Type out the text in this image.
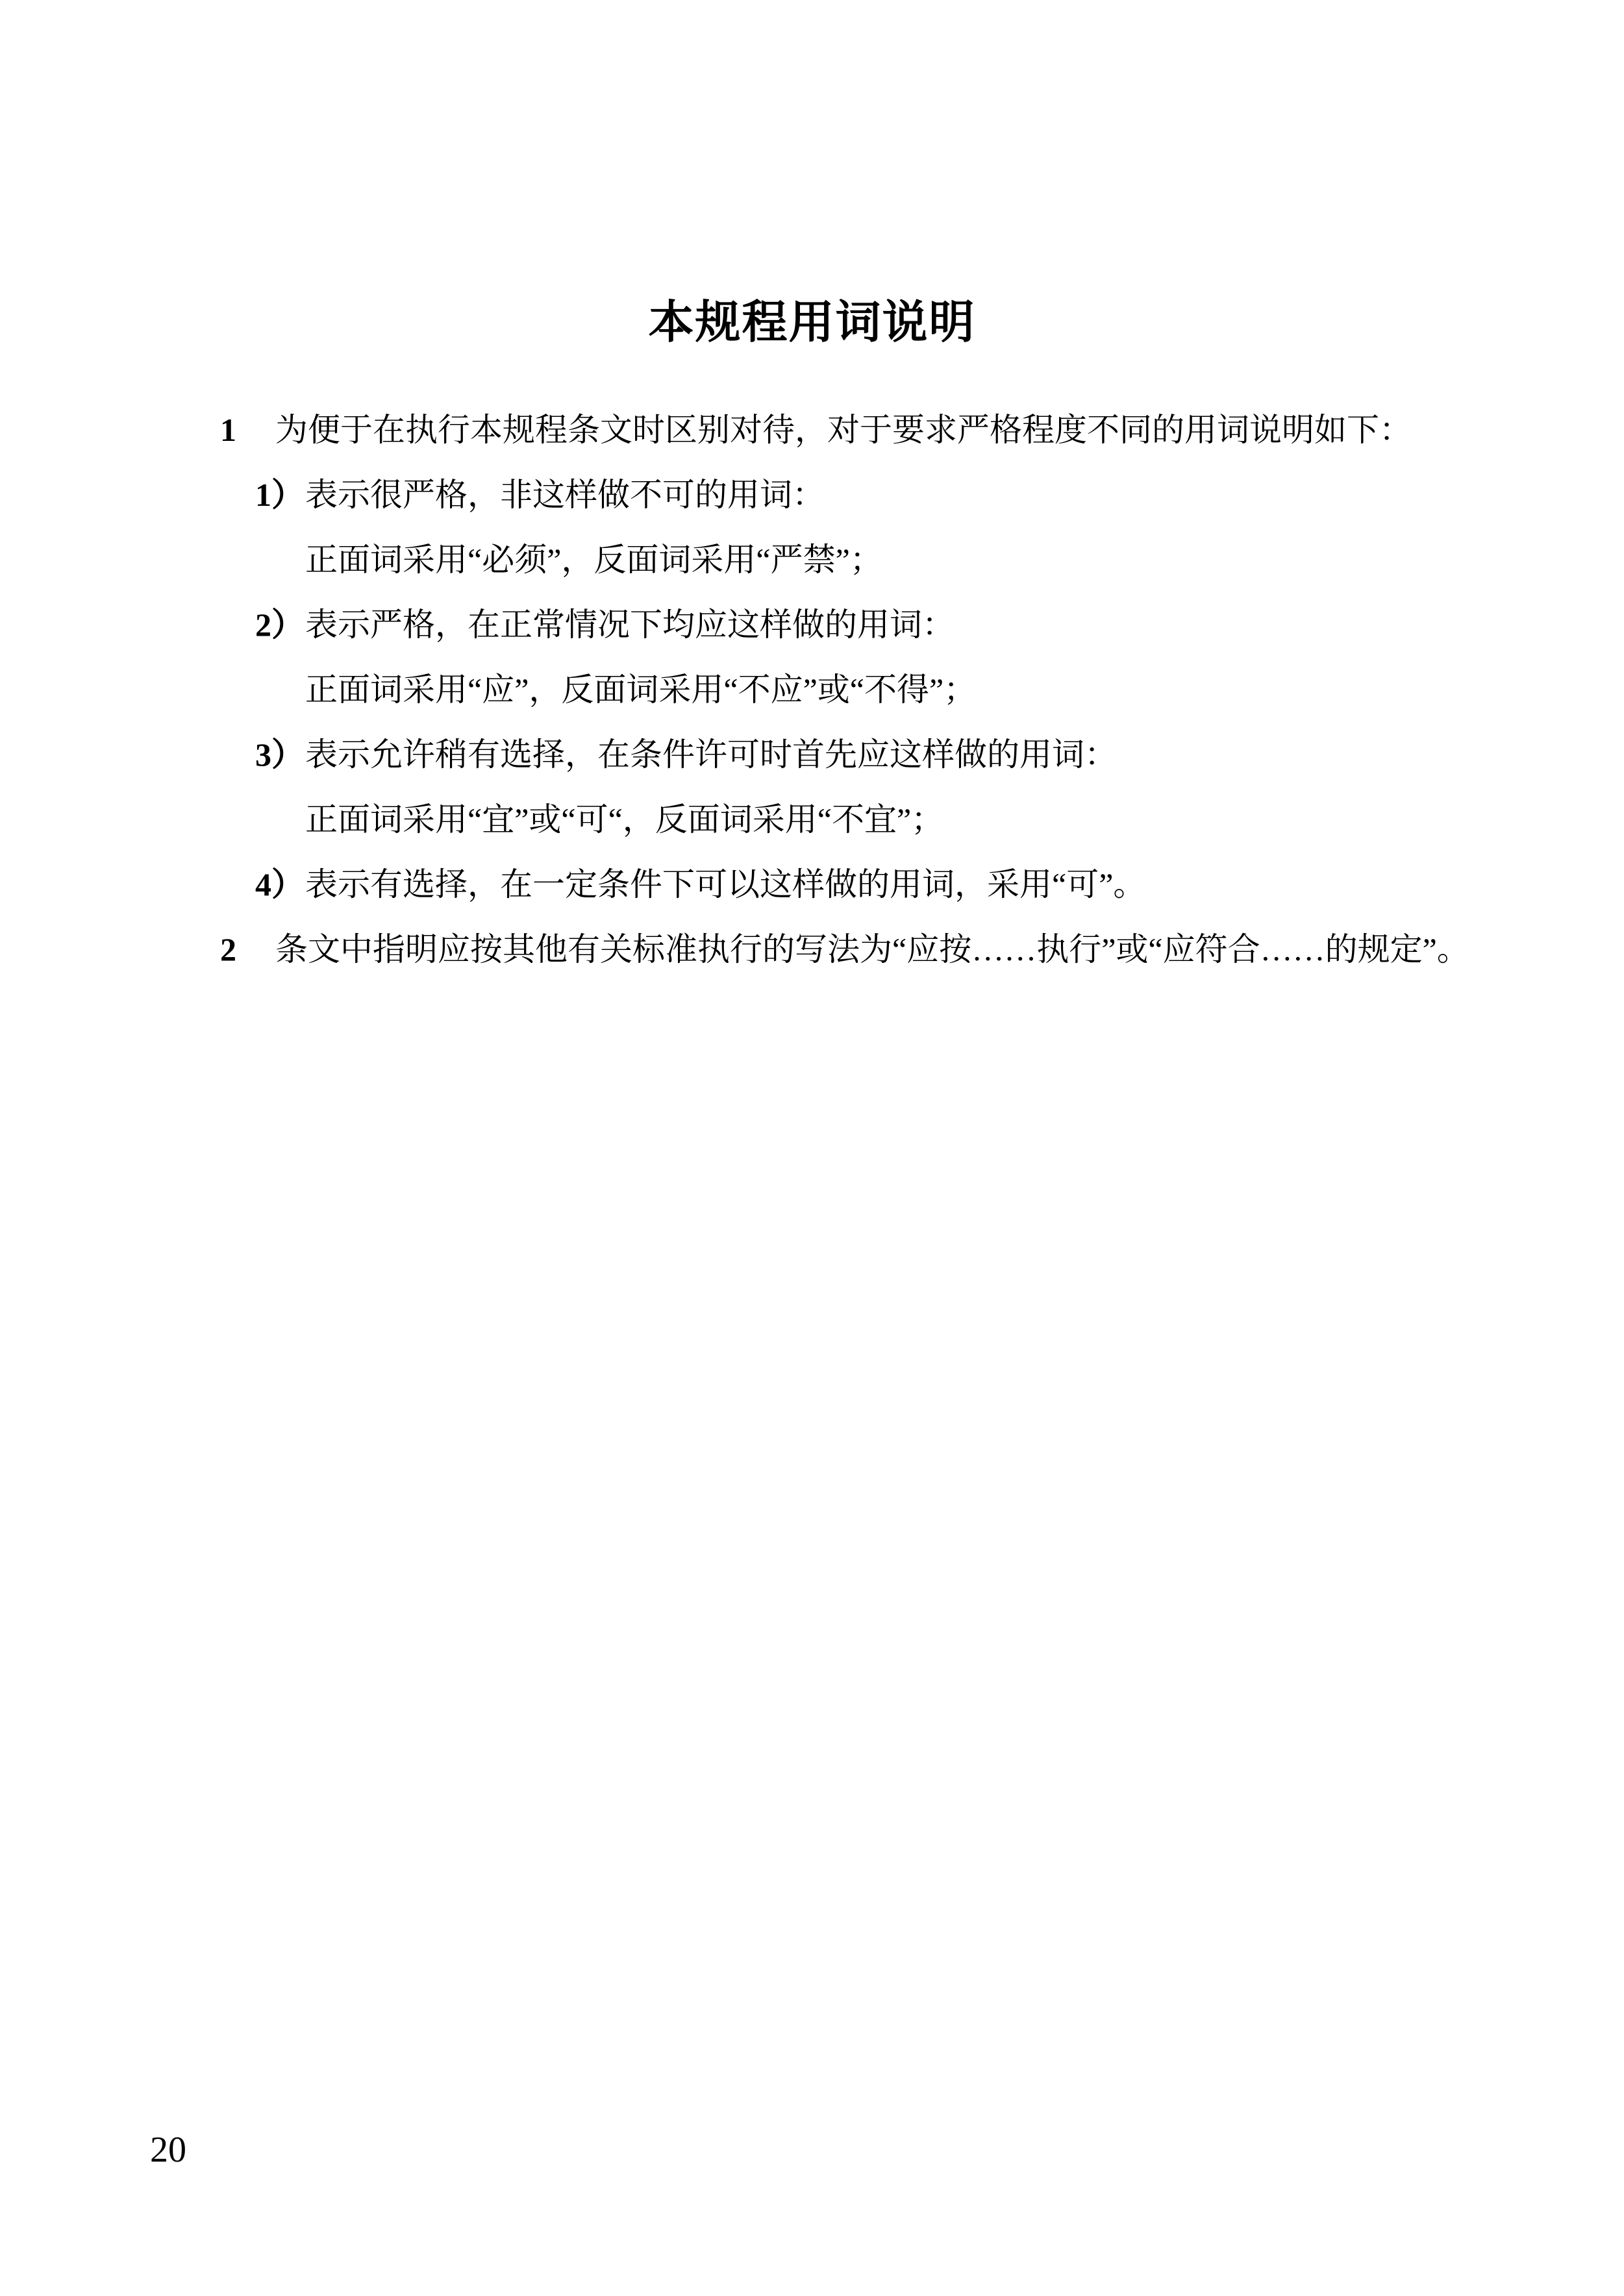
本规程用词说明

1 为便于在执行本规程条文时区别对待，对于要求严格程度不同的用词说明如下：

1）表示很严格，非这样做不可的用词：

正面词采用“必须”，反面词采用“严禁”；

2）表示严格，在正常情况下均应这样做的用词：

正面词采用“应”，反面词采用“不应”或“不得”；

3）表示允许稍有选择，在条件许可时首先应这样做的用词：

正面词采用“宜”或“可“，反面词采用“不宜”；

4）表示有选择，在一定条件下可以这样做的用词，采用“可”。

2 条文中指明应按其他有关标准执行的写法为“应按……执行”或“应符合……的规定”。

20
